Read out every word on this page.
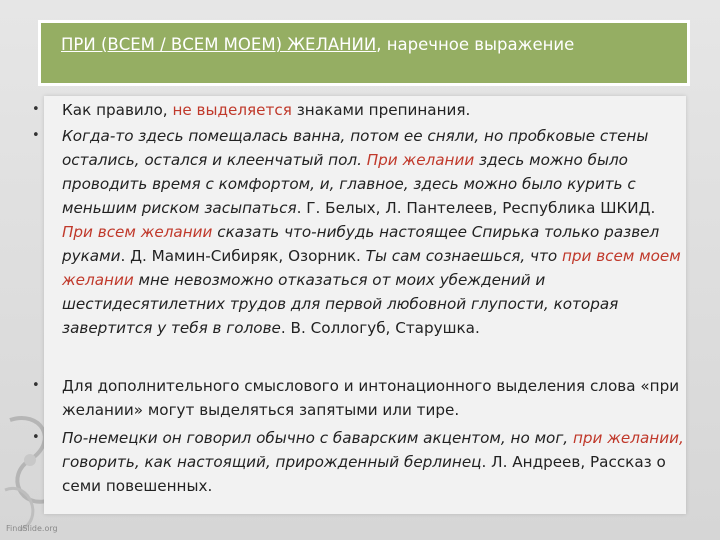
ПРИ (ВСЕМ / ВСЕМ МОЕМ) ЖЕЛАНИИ, наречное выражение
• Как правило, не выделяется знаками препинания.
• Когда-то здесь помещалась ванна, потом ее сняли, но пробковые стены остались, остался и клеенчатый пол. При желании здесь можно было проводить время с комфортом, и, главное, здесь можно было курить с меньшим риском засыпаться. Г. Белых, Л. Пантелеев, Республика ШКИД. При всем желании сказать что-нибудь настоящее Спирька только развел руками. Д. Мамин-Сибиряк, Озорник. Ты сам сознаешься, что при всем моем желании мне невозможно отказаться от моих убеждений и шестидесятилетних трудов для первой любовной глупости, которая завертится у тебя в голове. В. Соллогуб, Старушка.
• Для дополнительного смыслового и интонационного выделения слова «при желании» могут выделяться запятыми или тире.
• По-немецки он говорил обычно с баварским акцентом, но мог, при желании, говорить, как настоящий, прирожденный берлинец. Л. Андреев, Рассказ о семи повешенных.
FindSlide.org
